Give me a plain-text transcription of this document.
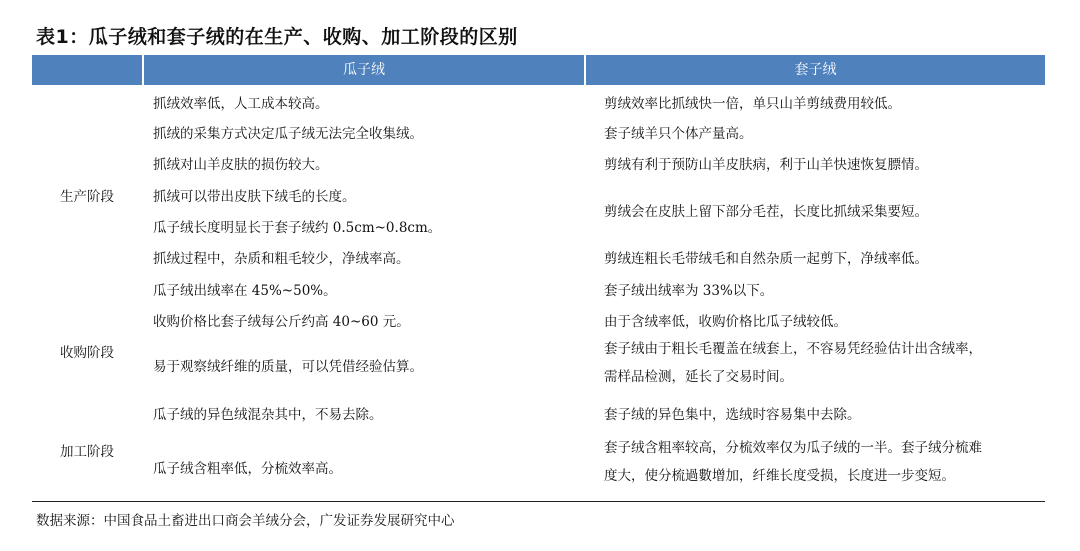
表1：瓜子绒和套子绒的在生产、收购、加工阶段的区别
瓜子绒	套子绒
生产阶段
收购阶段
加工阶段
抓绒效率低，人工成本较高。
抓绒的采集方式决定瓜子绒无法完全收集绒。
抓绒对山羊皮肤的损伤较大。
抓绒可以带出皮肤下绒毛的长度。
瓜子绒长度明显长于套子绒约 0.5cm~0.8cm。
抓绒过程中，杂质和粗毛较少，净绒率高。
瓜子绒出绒率在 45%~50%。
收购价格比套子绒每公斤约高 40~60 元。
易于观察绒纤维的质量，可以凭借经验估算。
瓜子绒的异色绒混杂其中，不易去除。
瓜子绒含粗率低，分梳效率高。
剪绒效率比抓绒快一倍，单只山羊剪绒费用较低。
套子绒羊只个体产量高。
剪绒有利于预防山羊皮肤病，利于山羊快速恢复膘情。
剪绒会在皮肤上留下部分毛茬，长度比抓绒采集要短。
剪绒连粗长毛带绒毛和自然杂质一起剪下，净绒率低。
套子绒出绒率为 33%以下。
由于含绒率低，收购价格比瓜子绒较低。
套子绒由于粗长毛覆盖在绒套上，不容易凭经验估计出含绒率，
需样品检测，延长了交易时间。
套子绒的异色集中，选绒时容易集中去除。
套子绒含粗率较高，分梳效率仅为瓜子绒的一半。套子绒分梳难
度大，使分梳過數增加，纤维长度受损，长度进一步变短。
数据来源：中国食品土畜进出口商会羊绒分会，广发证券发展研究中心
